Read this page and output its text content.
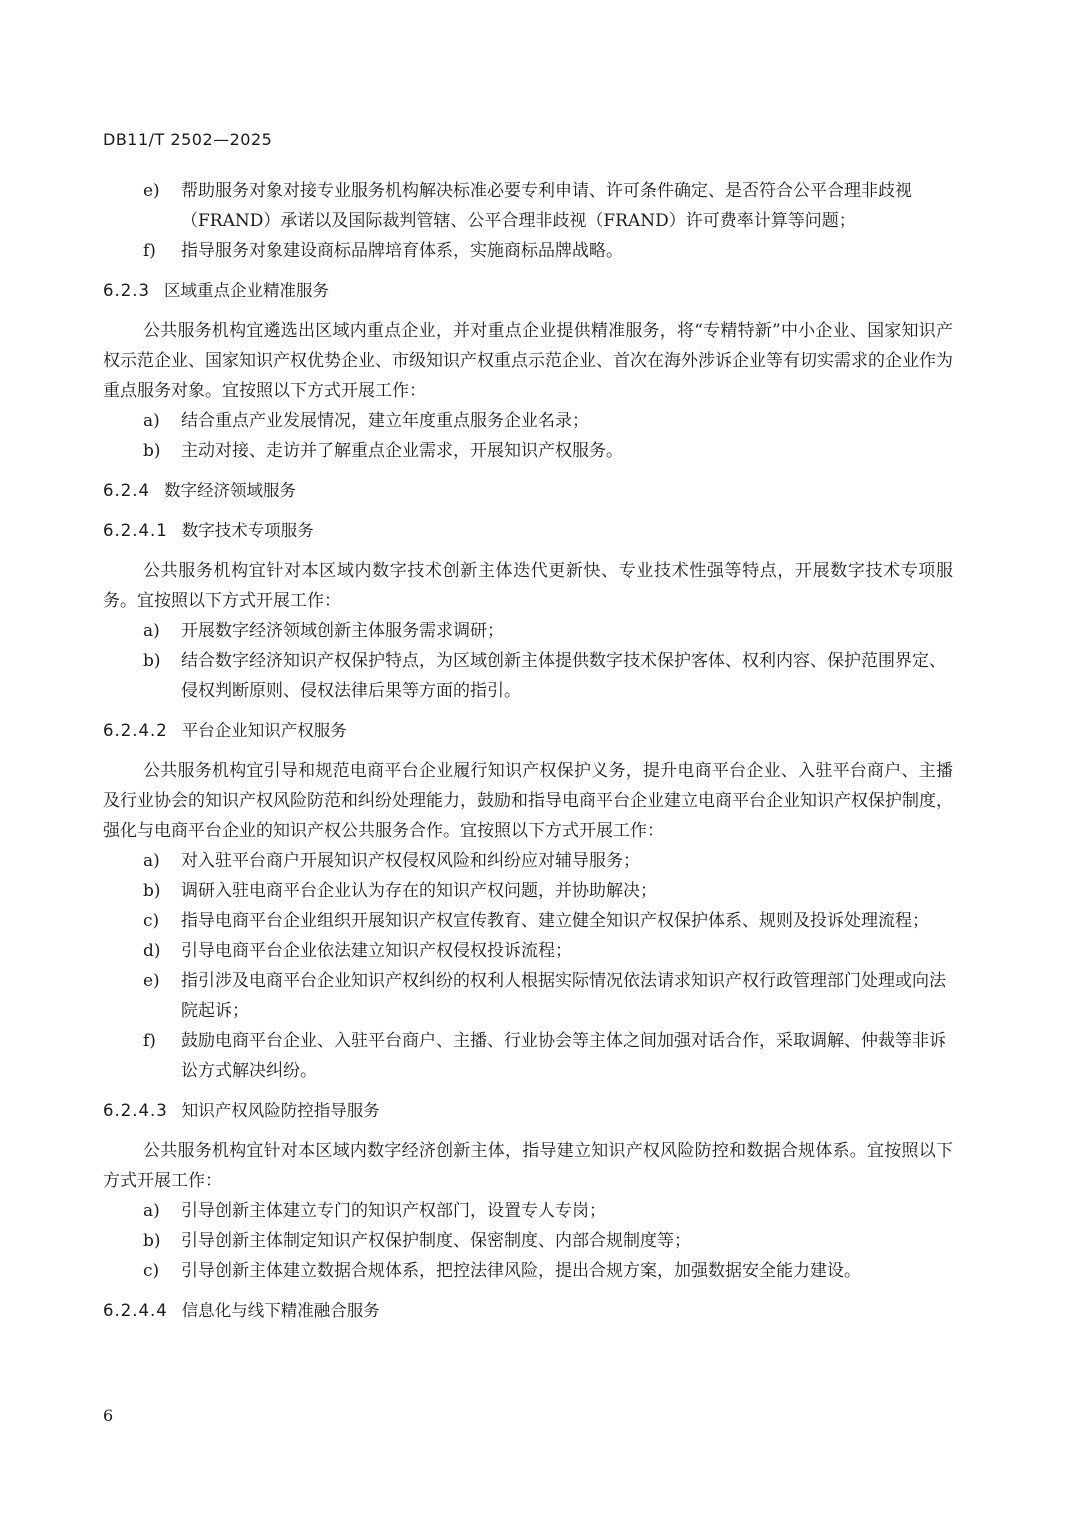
DB11/T 2502—2025
e) 帮助服务对象对接专业服务机构解决标准必要专利申请、许可条件确定、是否符合公平合理非歧视（FRAND）承诺以及国际裁判管辖、公平合理非歧视（FRAND）许可费率计算等问题；
f) 指导服务对象建设商标品牌培育体系，实施商标品牌战略。
6.2.3 区域重点企业精准服务

公共服务机构宜遴选出区域内重点企业，并对重点企业提供精准服务，将“专精特新”中小企业、国家知识产权示范企业、国家知识产权优势企业、市级知识产权重点示范企业、首次在海外涉诉企业等有切实需求的企业作为重点服务对象。宜按照以下方式开展工作：

a) 结合重点产业发展情况，建立年度重点服务企业名录；
b) 主动对接、走访并了解重点企业需求，开展知识产权服务。
6.2.4 数字经济领域服务
6.2.4.1 数字技术专项服务

公共服务机构宜针对本区域内数字技术创新主体迭代更新快、专业技术性强等特点，开展数字技术专项服务。宜按照以下方式开展工作：

a) 开展数字经济领域创新主体服务需求调研；
b) 结合数字经济知识产权保护特点，为区域创新主体提供数字技术保护客体、权利内容、保护范围界定、侵权判断原则、侵权法律后果等方面的指引。
6.2.4.2 平台企业知识产权服务

公共服务机构宜引导和规范电商平台企业履行知识产权保护义务，提升电商平台企业、入驻平台商户、主播及行业协会的知识产权风险防范和纠纷处理能力，鼓励和指导电商平台企业建立电商平台企业知识产权保护制度，强化与电商平台企业的知识产权公共服务合作。宜按照以下方式开展工作：

a) 对入驻平台商户开展知识产权侵权风险和纠纷应对辅导服务；
b) 调研入驻电商平台企业认为存在的知识产权问题，并协助解决；
c) 指导电商平台企业组织开展知识产权宣传教育、建立健全知识产权保护体系、规则及投诉处理流程；
d) 引导电商平台企业依法建立知识产权侵权投诉流程；
e) 指引涉及电商平台企业知识产权纠纷的权利人根据实际情况依法请求知识产权行政管理部门处理或向法院起诉；
f) 鼓励电商平台企业、入驻平台商户、主播、行业协会等主体之间加强对话合作，采取调解、仲裁等非诉讼方式解决纠纷。
6.2.4.3 知识产权风险防控指导服务

公共服务机构宜针对本区域内数字经济创新主体，指导建立知识产权风险防控和数据合规体系。宜按照以下方式开展工作：

a) 引导创新主体建立专门的知识产权部门，设置专人专岗；
b) 引导创新主体制定知识产权保护制度、保密制度、内部合规制度等；
c) 引导创新主体建立数据合规体系，把控法律风险，提出合规方案，加强数据安全能力建设。
6.2.4.4 信息化与线下精准融合服务
6
